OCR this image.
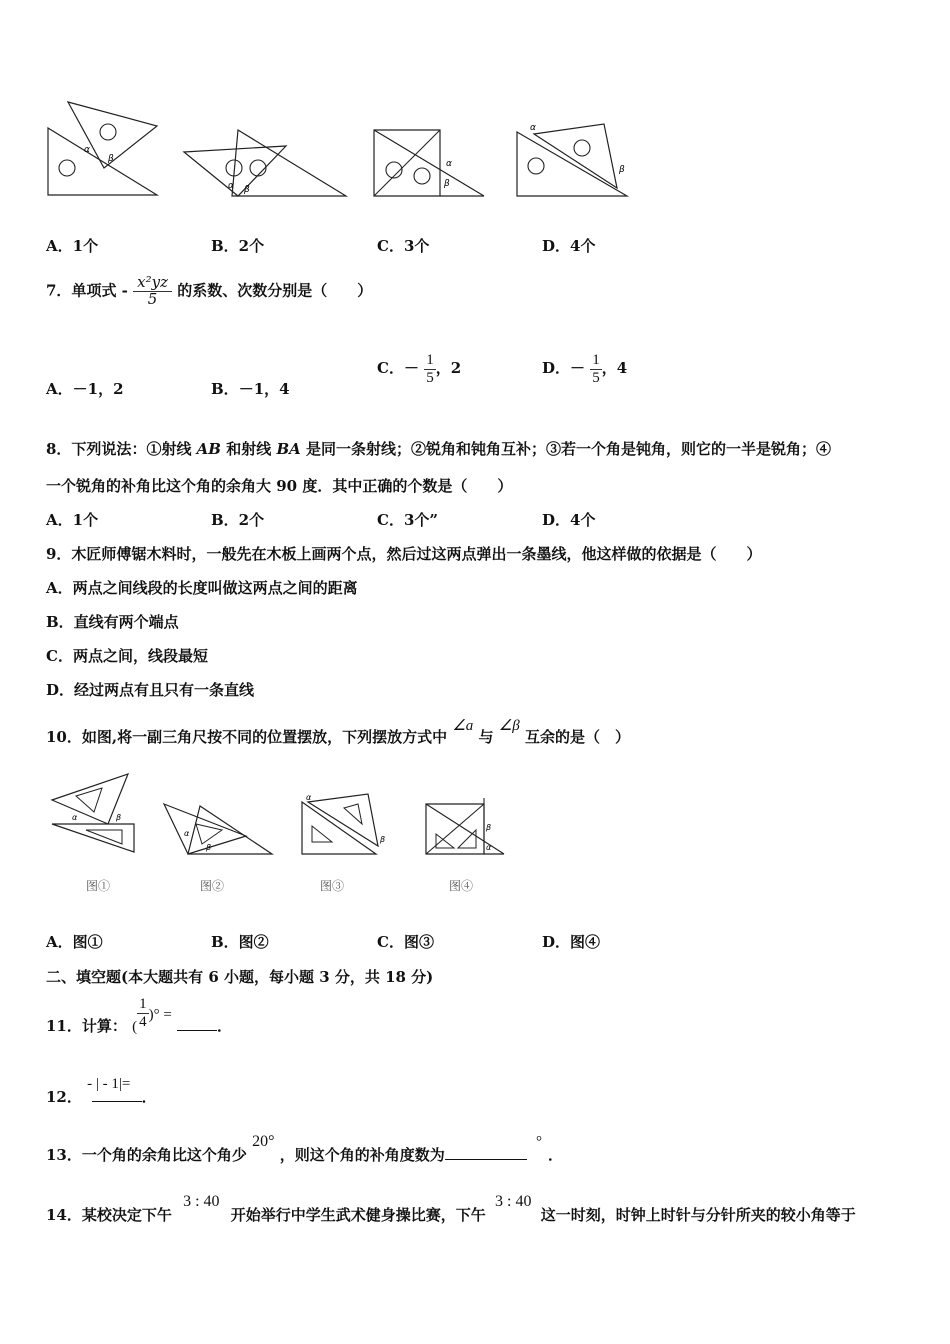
α
β
α β
α
β
α
β
A．1个	B．2个	C．3个	D．4个
7．单项式 - $\frac{\text{x²yz}}{5}$ 的系数、次数分别是（　　）
A．－1，2	B．－1，4
C．－ $\frac{1}{5}$ ，2	D．－ $\frac{1}{5}$ ，4
8．下列说法：①射线 AB 和射线 BA 是同一条射线；②锐角和钝角互补；③若一个角是钝角，则它的一半是锐角；④
一个锐角的补角比这个角的余角大 90 度．其中正确的个数是（　　）
A．1个	B．2个	C．3个”	D．4个
9．木匠师傅锯木料时，一般先在木板上画两个点，然后过这两点弹出一条墨线，他这样做的依据是（　　）
A．两点之间线段的长度叫做这两点之间的距离
B．直线有两个端点
C．两点之间，线段最短
D．经过两点有且只有一条直线
10．如图,将一副三角尺按不同的位置摆放，下列摆放方式中 ∠a 与 ∠β 互余的是（　）
α	β
α
β
α
β
β
α
图①	图②	图③	图④
A．图①	B．图②	C．图③	D．图④
二、填空题(本大题共有 6 小题，每小题 3 分，共 18 分)
11．计算： ( $\frac{1}{4}$ )° = ．
12． - | - 1|= ．
13．一个角的余角比这个角少 20° ，则这个角的补角度数为 °．
14．某校决定下午 3 : 40 开始举行中学生武术健身操比赛，下午 3 : 40 这一时刻，时钟上时针与分针所夹的较小角等于
